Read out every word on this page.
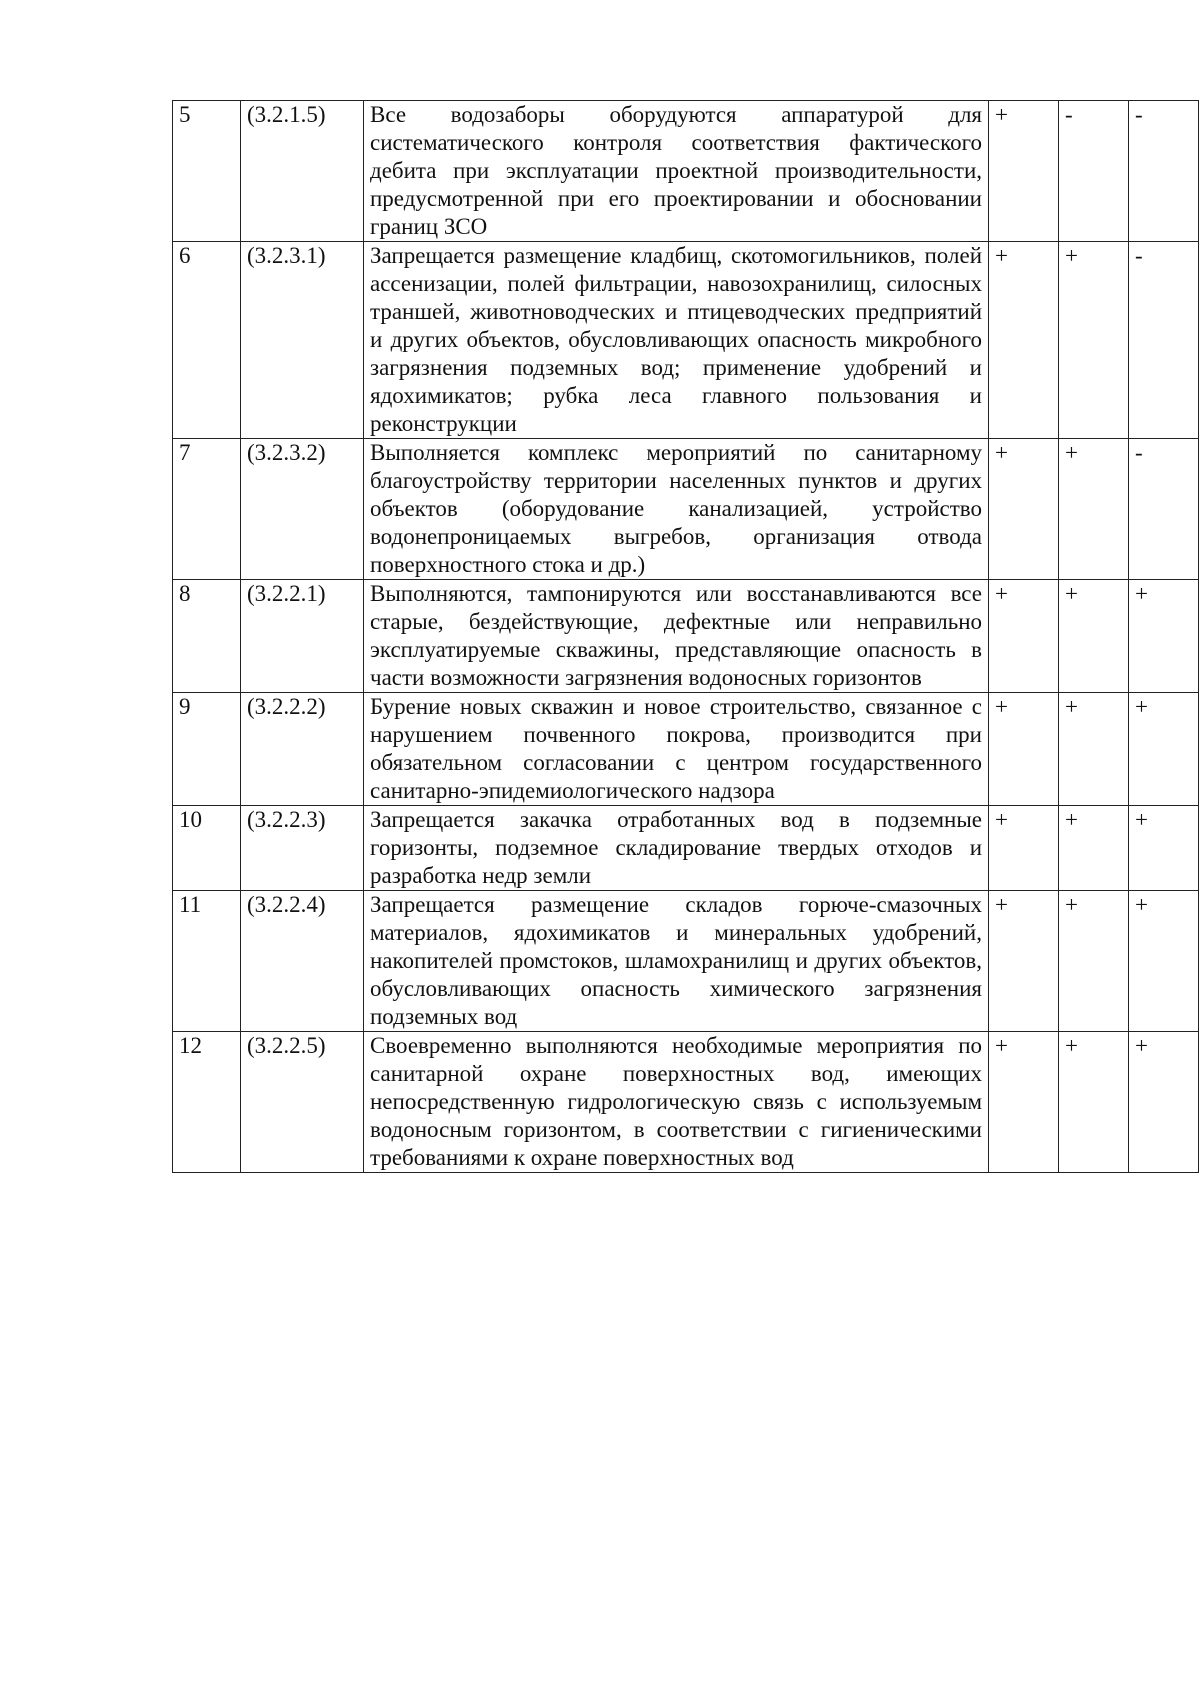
5	(3.2.1.5)	Все водозаборы оборудуются аппаратурой для систематического контроля соответствия фактического дебита при эксплуатации проектной производительности, предусмотренной при его проектировании и обосновании границ ЗСО	+	-	-
6	(3.2.3.1)	Запрещается размещение кладбищ, скотомогильников, полей ассенизации, полей фильтрации, навозохранилищ, силосных траншей, животноводческих и птицеводческих предприятий и других объектов, обусловливающих опасность микробного загрязнения подземных вод; применение удобрений и ядохимикатов; рубка леса главного пользования и реконструкции	+	+	-
7	(3.2.3.2)	Выполняется комплекс мероприятий по санитарному благоустройству территории населенных пунктов и других объектов (оборудование канализацией, устройство водонепроницаемых выгребов, организация отвода поверхностного стока и др.)	+	+	-
8	(3.2.2.1)	Выполняются, тампонируются или восстанавливаются все старые, бездействующие, дефектные или неправильно эксплуатируемые скважины, представляющие опасность в части возможности загрязнения водоносных горизонтов	+	+	+
9	(3.2.2.2)	Бурение новых скважин и новое строительство, связанное с нарушением почвенного покрова, производится при обязательном согласовании с центром государственного санитарно-эпидемиологического надзора	+	+	+
10	(3.2.2.3)	Запрещается закачка отработанных вод в подземные горизонты, подземное складирование твердых отходов и разработка недр земли	+	+	+
11	(3.2.2.4)	Запрещается размещение складов горюче-смазочных материалов, ядохимикатов и минеральных удобрений, накопителей промстоков, шламохранилищ и других объектов, обусловливающих опасность химического загрязнения подземных вод	+	+	+
12	(3.2.2.5)	Своевременно выполняются необходимые мероприятия по санитарной охране поверхностных вод, имеющих непосредственную гидрологическую связь с используемым водоносным горизонтом, в соответствии с гигиеническими требованиями к охране поверхностных вод	+	+	+
